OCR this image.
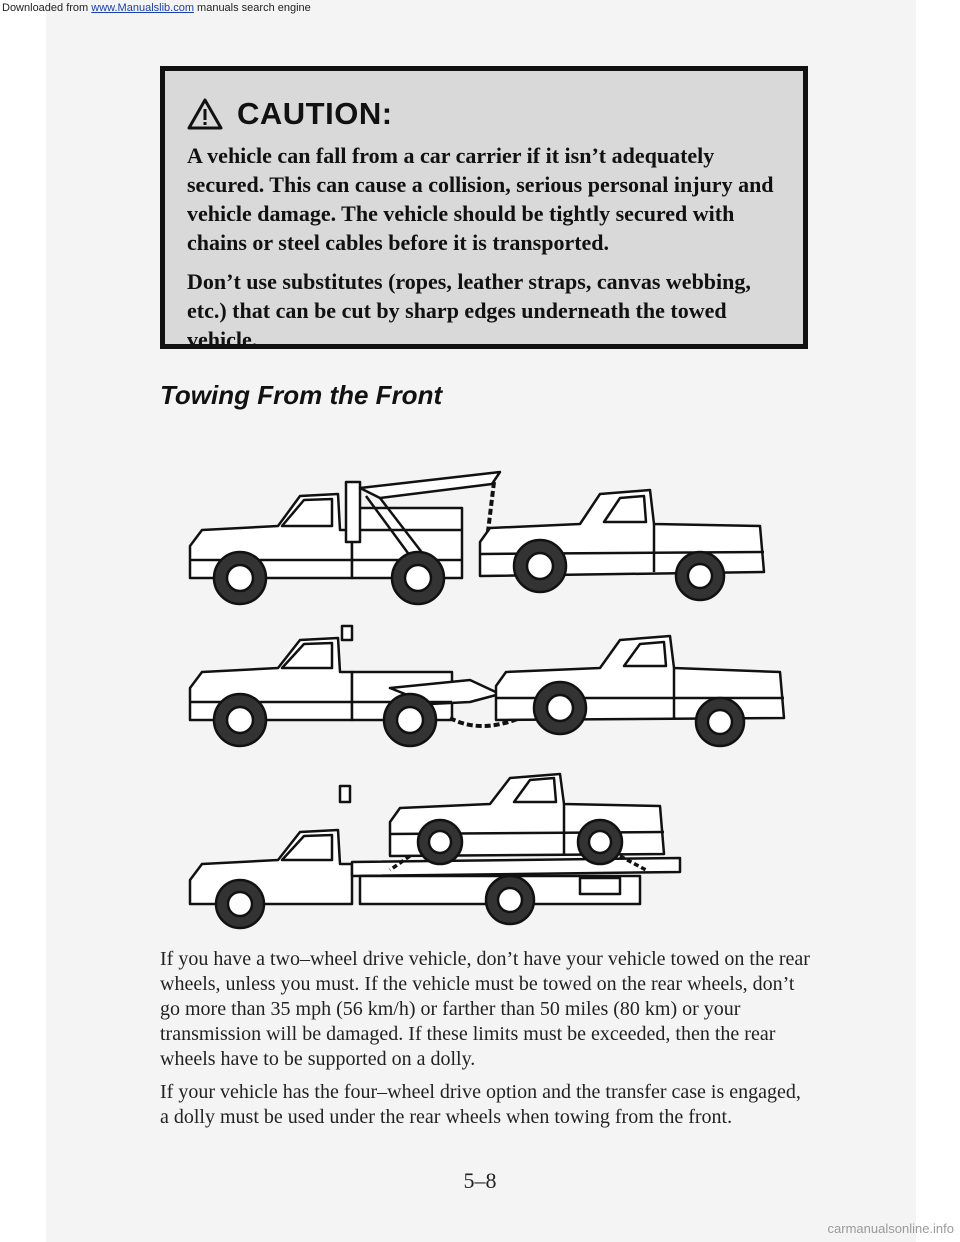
Downloaded from www.Manualslib.com manuals search engine
CAUTION:

A vehicle can fall from a car carrier if it isn’t adequately secured. This can cause a collision, serious personal injury and vehicle damage. The vehicle should be tightly secured with chains or steel cables before it is transported.

Don’t use substitutes (ropes, leather straps, canvas webbing, etc.) that can be cut by sharp edges underneath the towed vehicle.

Towing From the Front

If you have a two–wheel drive vehicle, don’t have your vehicle towed on the rear wheels, unless you must. If the vehicle must be towed on the rear wheels, don’t go more than 35 mph (56 km/h) or farther than 50 miles (80 km) or your transmission will be damaged. If these limits must be exceeded, then the rear wheels have to be supported on a dolly.

If your vehicle has the four–wheel drive option and the transfer case is engaged, a dolly must be used under the rear wheels when towing from the front.

5–8
carmanualsonline.info
